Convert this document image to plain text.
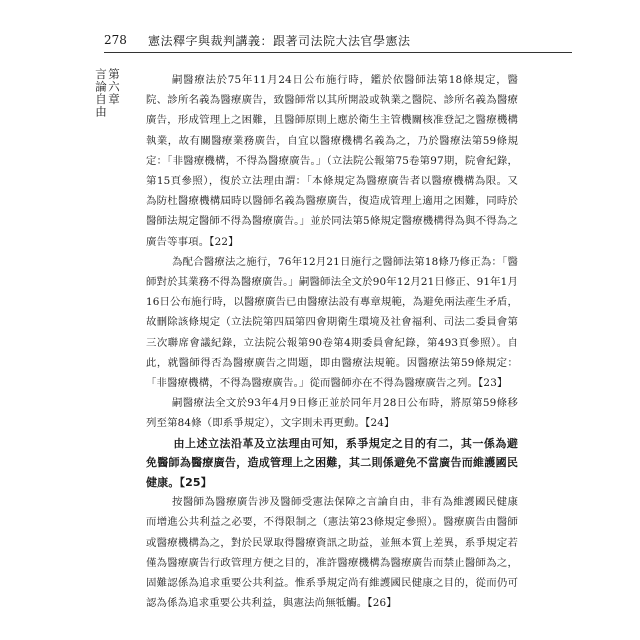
278	憲法釋字與裁判講義：跟著司法院大法官學憲法
第六章
言論自由	嗣醫療法於75年11月24日公布施行時，鑑於依醫師法第18條規定，醫院、診所名義為醫療廣告，致醫師常以其所開設或執業之醫院、診所名義為醫療廣告，形成管理上之困難，且醫師原則上應於衛生主管機關核准登記之醫療機構執業，故有關醫療業務廣告，自宜以醫療機構名義為之，乃於醫療法第59條規定：「非醫療機構，不得為醫療廣告。」（立法院公報第75卷第97期，院會紀錄，第15頁參照），復於立法理由謂：「本條規定為醫療廣告者以醫療機構為限。又為防杜醫療機構屆時以醫師名義為醫療廣告，復造成管理上適用之困難，同時於醫師法規定醫師不得為醫療廣告。」並於同法第5條規定醫療機構得為與不得為之廣告等事項。【22】

為配合醫療法之施行，76年12月21日施行之醫師法第18條乃修正為：「醫師對於其業務不得為醫療廣告。」嗣醫師法全文於90年12月21日修正、91年1月16日公布施行時，以醫療廣告已由醫療法設有專章規範，為避免兩法產生矛盾，故刪除該條規定（立法院第四屆第四會期衛生環境及社會福利、司法二委員會第三次聯席會議紀錄，立法院公報第90卷第4期委員會紀錄，第493頁參照）。自此，就醫師得否為醫療廣告之問題，即由醫療法規範。因醫療法第59條規定：「非醫療機構，不得為醫療廣告。」從而醫師亦在不得為醫療廣告之列。【23】

嗣醫療法全文於93年4月9日修正並於同年月28日公布時，將原第59條移列至第84條（即系爭規定），文字則未再更動。【24】

由上述立法沿革及立法理由可知，系爭規定之目的有二，其一係為避免醫師為醫療廣告，造成管理上之困難，其二則係避免不當廣告而維護國民健康。【25】

按醫師為醫療廣告涉及醫師受憲法保障之言論自由，非有為維護國民健康而增進公共利益之必要，不得限制之（憲法第23條規定參照）。醫療廣告由醫師或醫療機構為之，對於民眾取得醫療資訊之助益，並無本質上差異，系爭規定若僅為醫療廣告行政管理方便之目的，准許醫療機構為醫療廣告而禁止醫師為之，固難認係為追求重要公共利益。惟系爭規定尚有維護國民健康之目的，從而仍可認為係為追求重要公共利益，與憲法尚無牴觸。【26】
